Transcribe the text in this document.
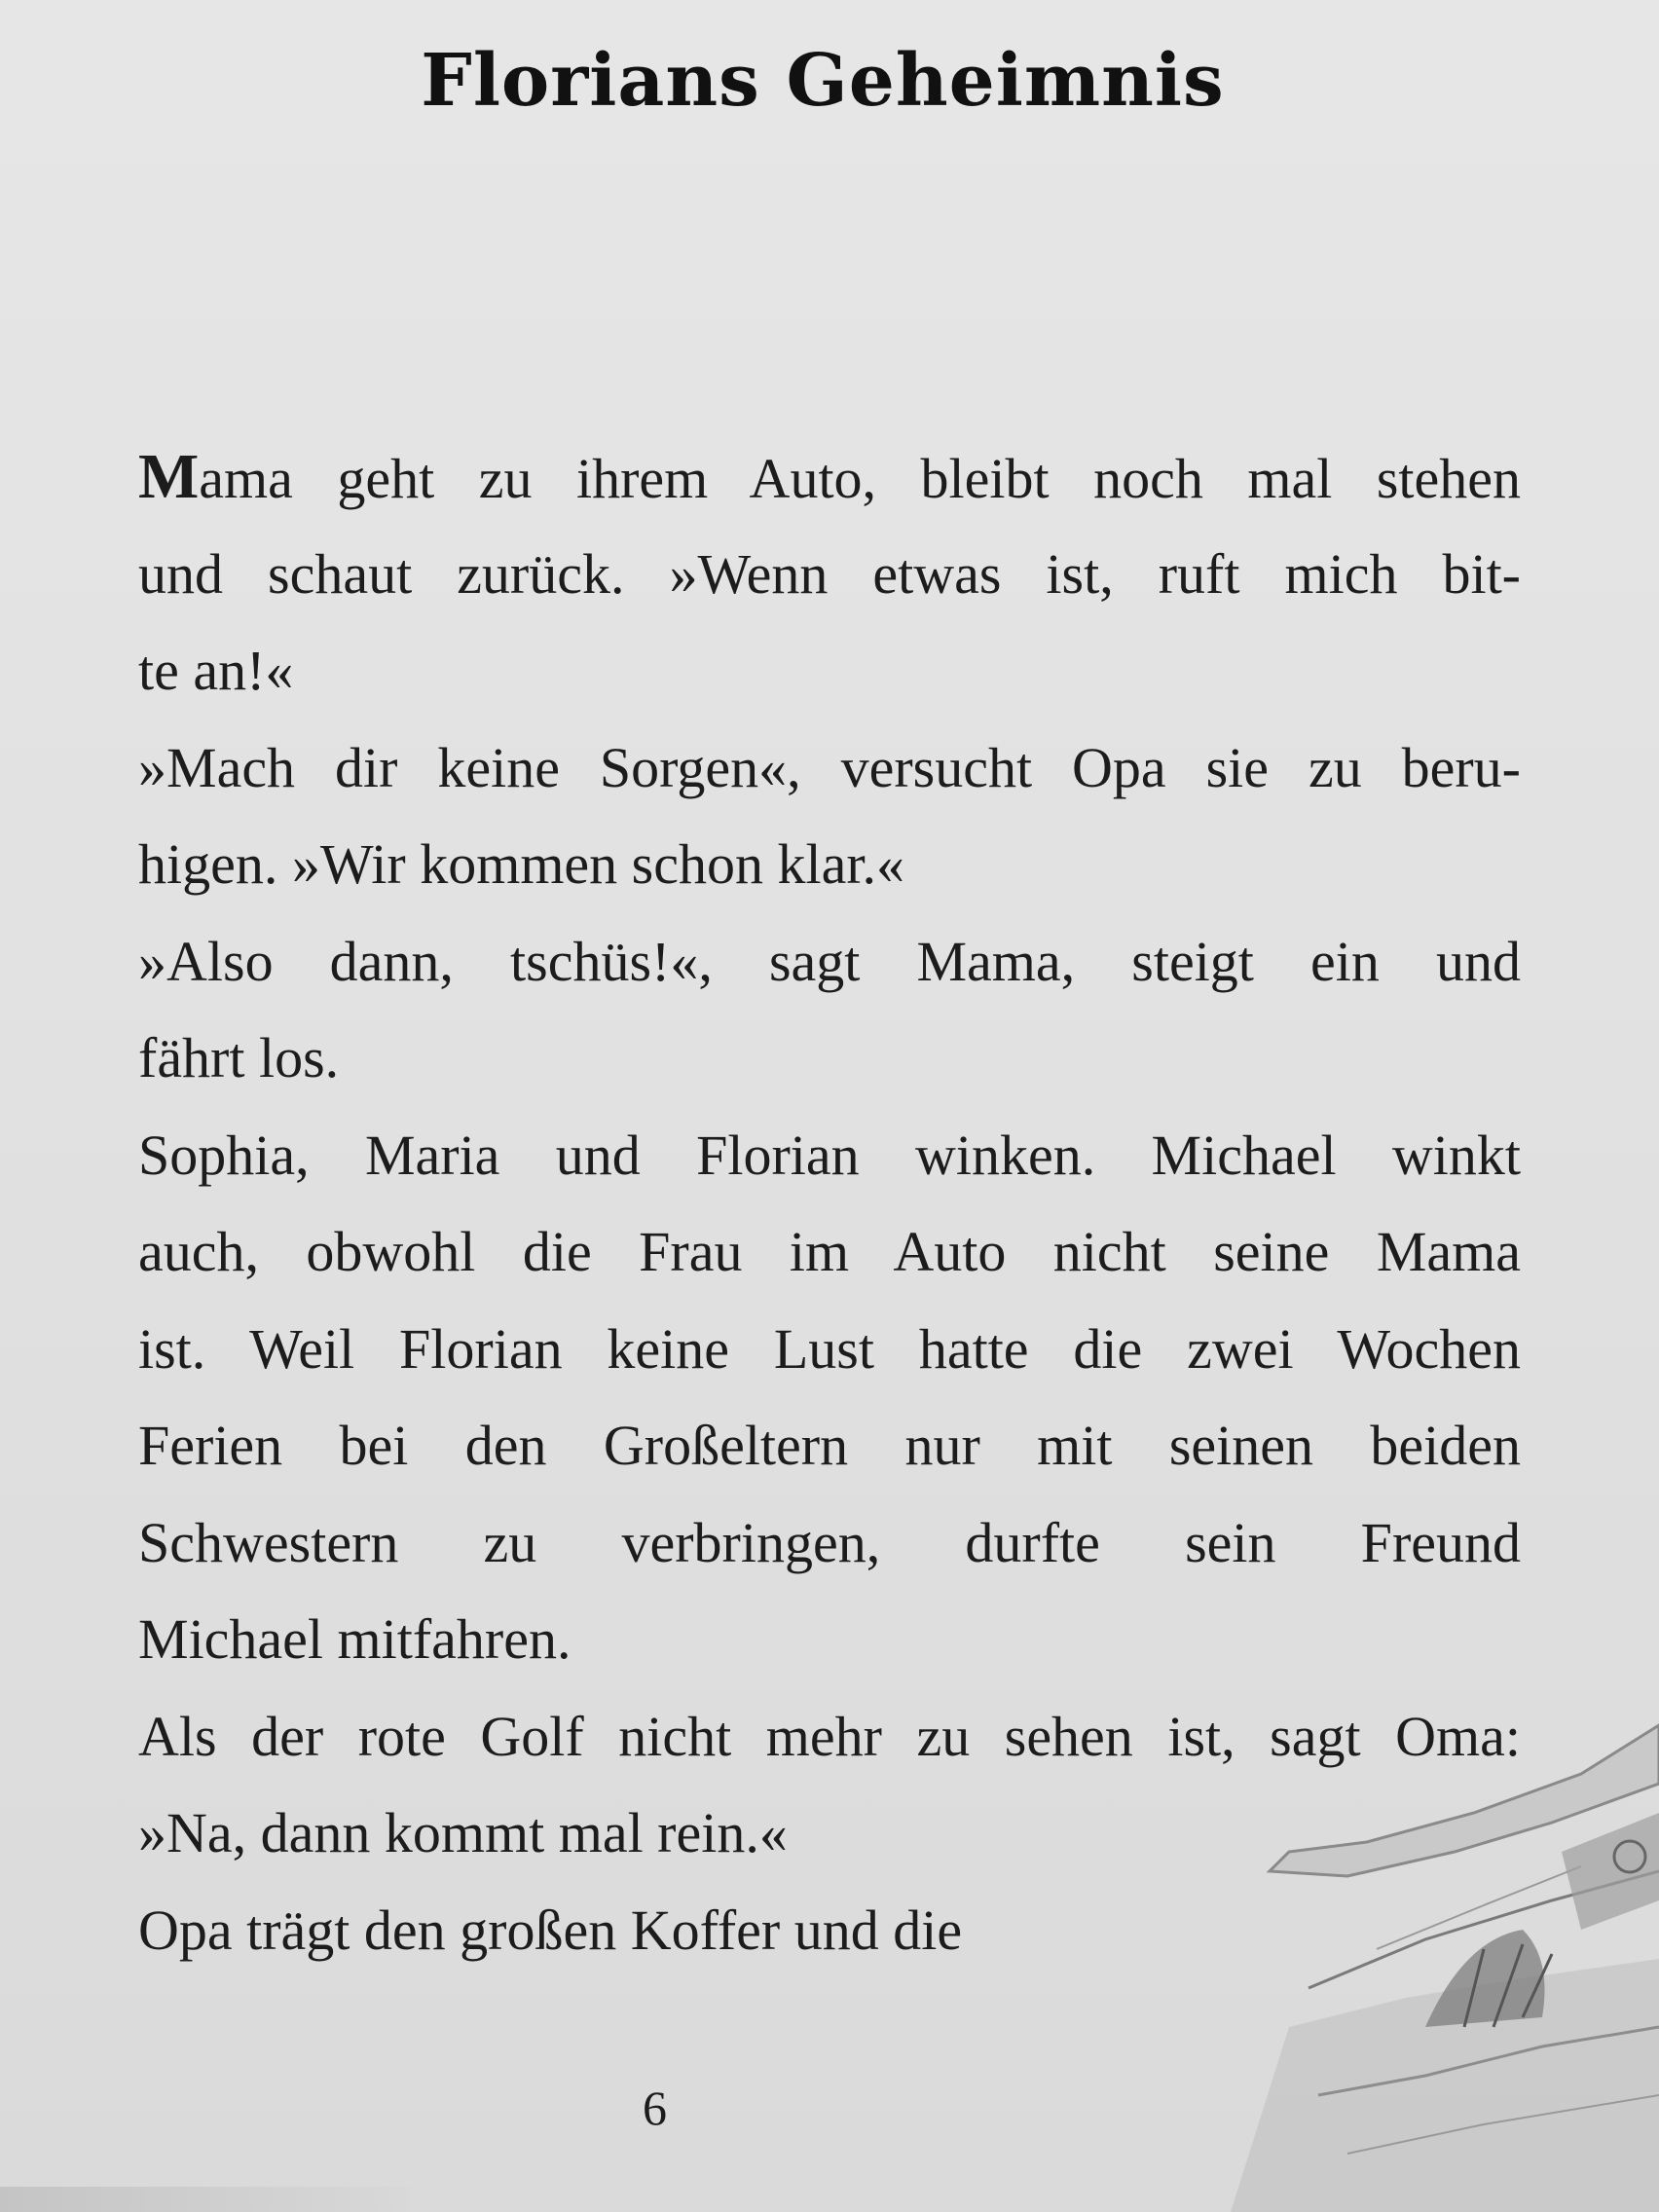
Florians Geheimnis
Mama geht zu ihrem Auto, bleibt noch mal stehen
und schaut zurück. »Wenn etwas ist, ruft mich bit-
te an!«
»Mach dir keine Sorgen«, versucht Opa sie zu beru-
higen. »Wir kommen schon klar.«
»Also dann, tschüs!«, sagt Mama, steigt ein und
fährt los.
Sophia, Maria und Florian winken. Michael winkt
auch, obwohl die Frau im Auto nicht seine Mama
ist. Weil Florian keine Lust hatte die zwei Wochen
Ferien bei den Großeltern nur mit seinen beiden
Schwestern zu verbringen, durfte sein Freund
Michael mitfahren.
Als der rote Golf nicht mehr zu sehen ist, sagt Oma:
»Na, dann kommt mal rein.«
Opa trägt den großen Koffer und die
6
